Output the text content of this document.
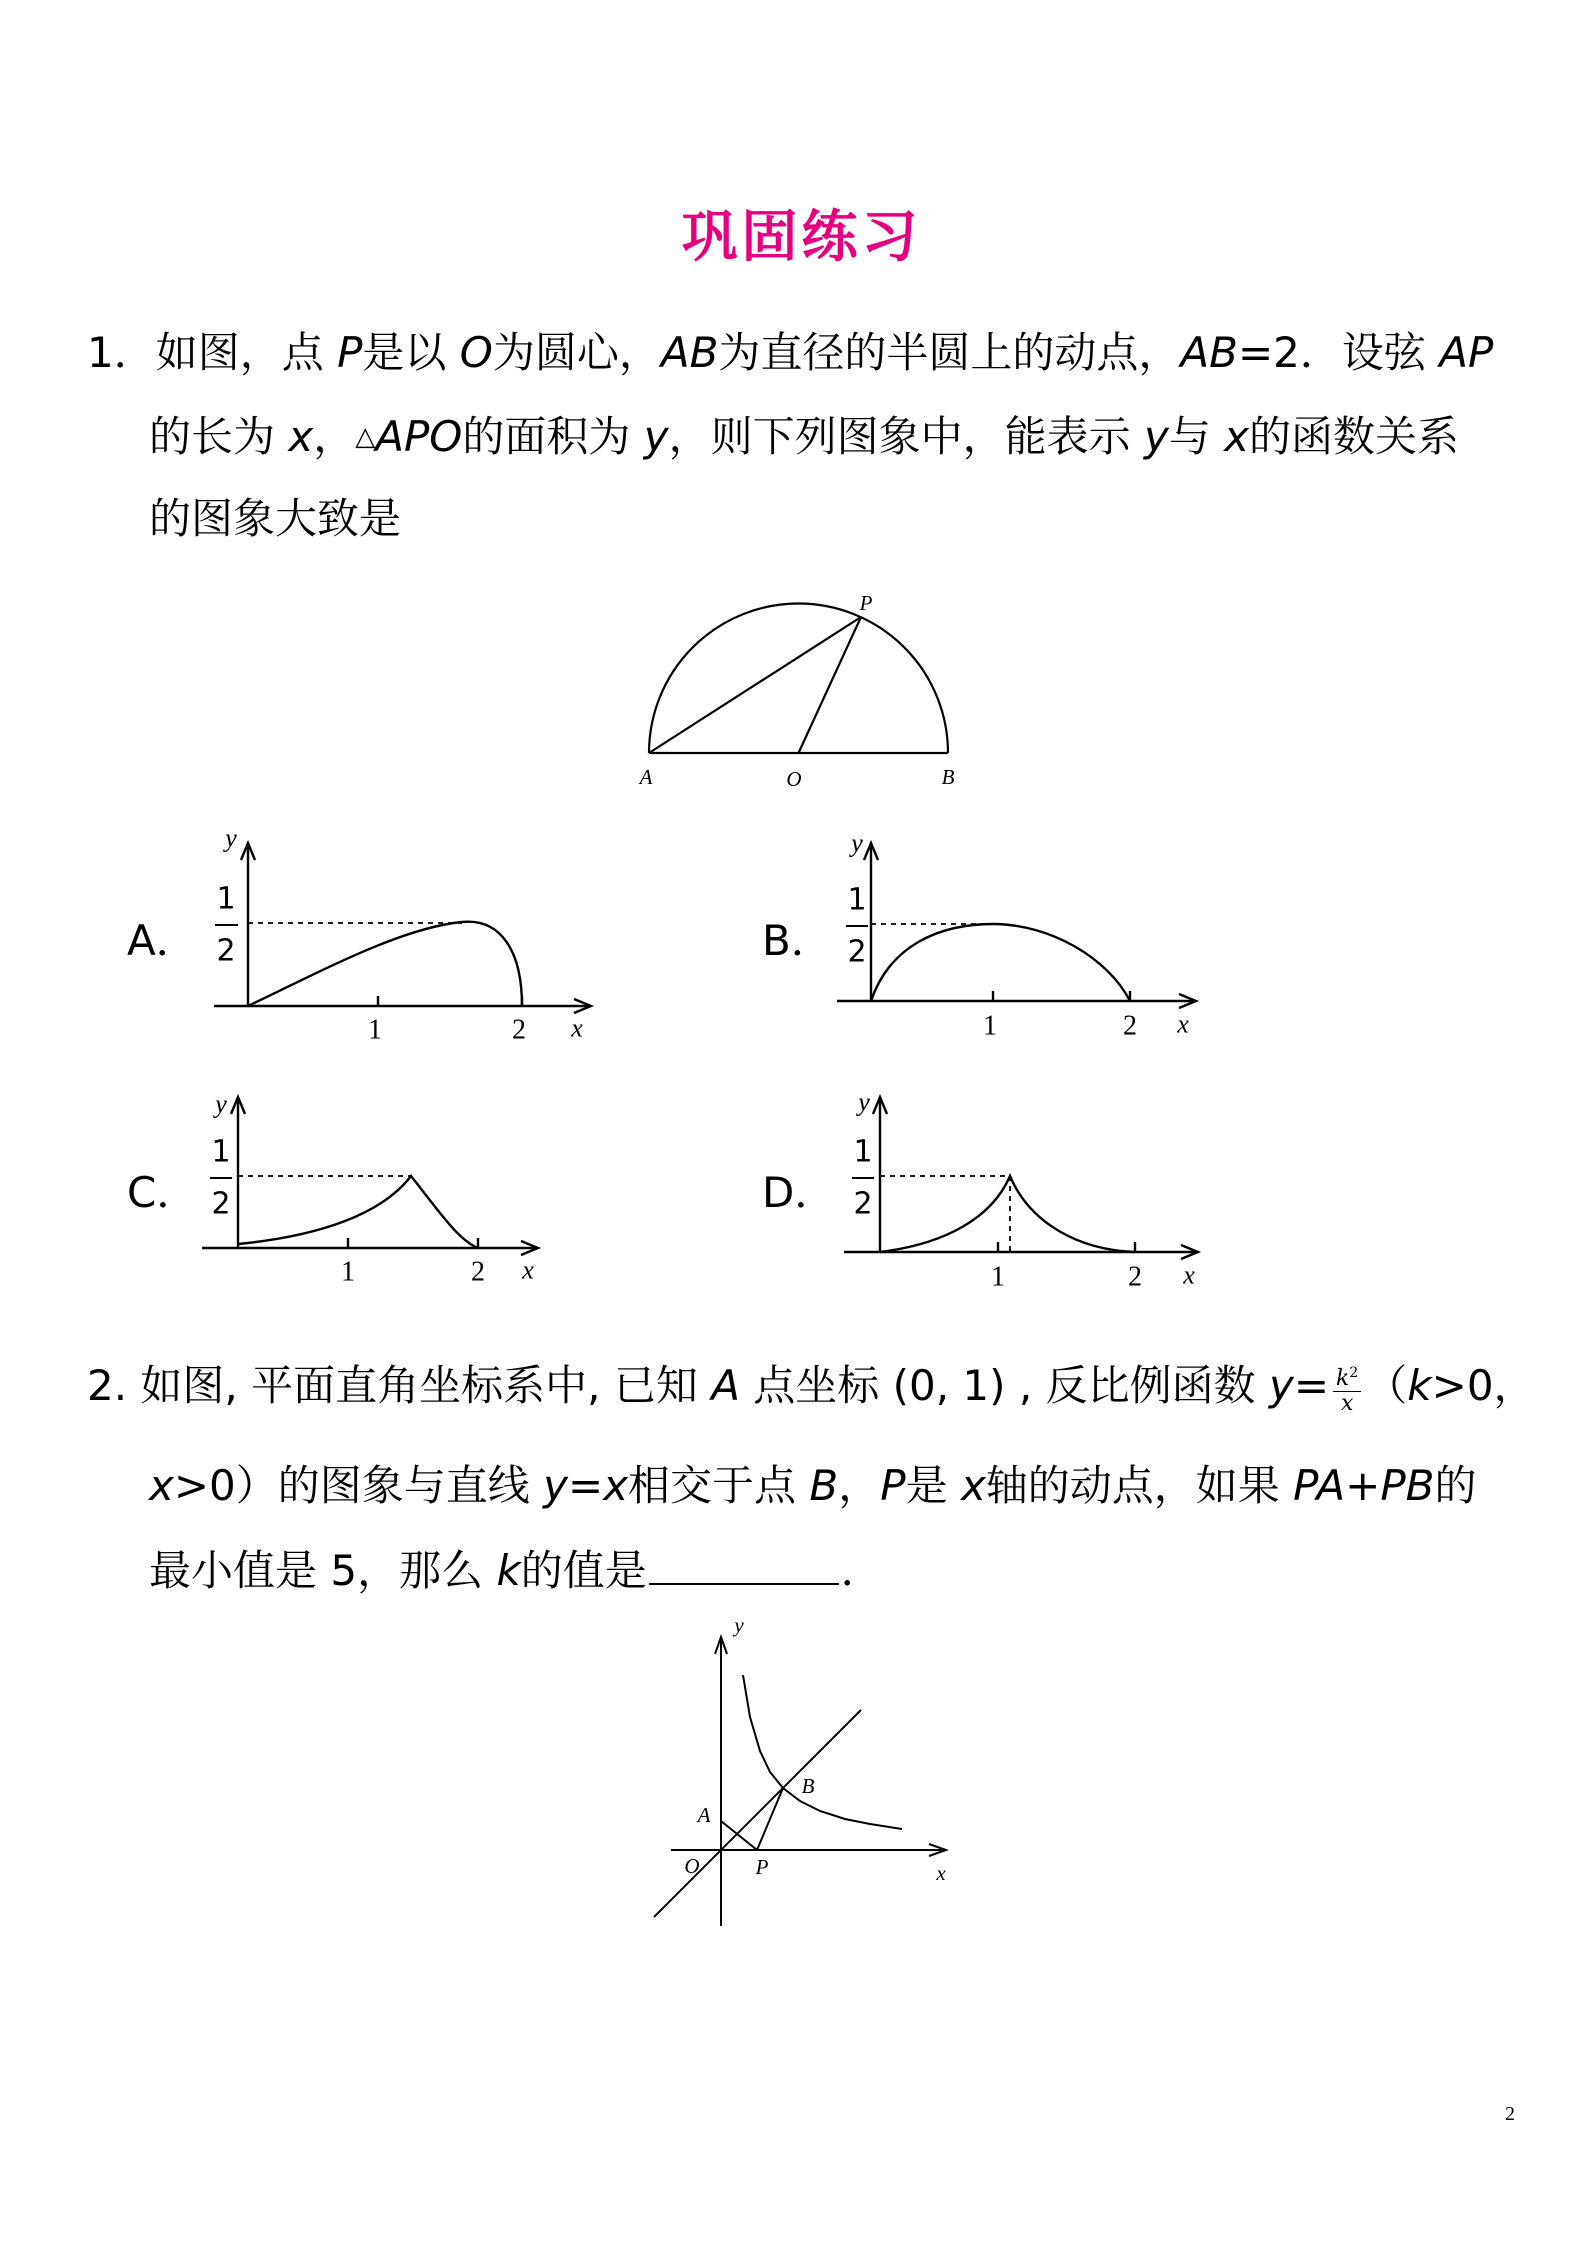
巩固练习
1．如图，点 P是以 O为圆心，AB为直径的半圆上的动点，AB=2．设弦 AP
的长为 x，△APO的面积为 y，则下列图象中，能表示 y与 x的函数关系
的图象大致是
A．	B．
C．	D．
2. 如图, 平面直角坐标系中, 已知 A 点坐标 (0, 1) , 反比例函数 $y= \frac{k^2}{x} (k>0$，
x>0）的图象与直线 y=x相交于点 B，P是 x轴的动点，如果 PA+PB的
最小值是 5，那么 k的值是	．
A	O	B
P
y
x
1	2
1
2
y
x
1	2
1
2
y
x
1	2
1
2
y
x
1	2
1
2
y
x
O
A
B
P
2
